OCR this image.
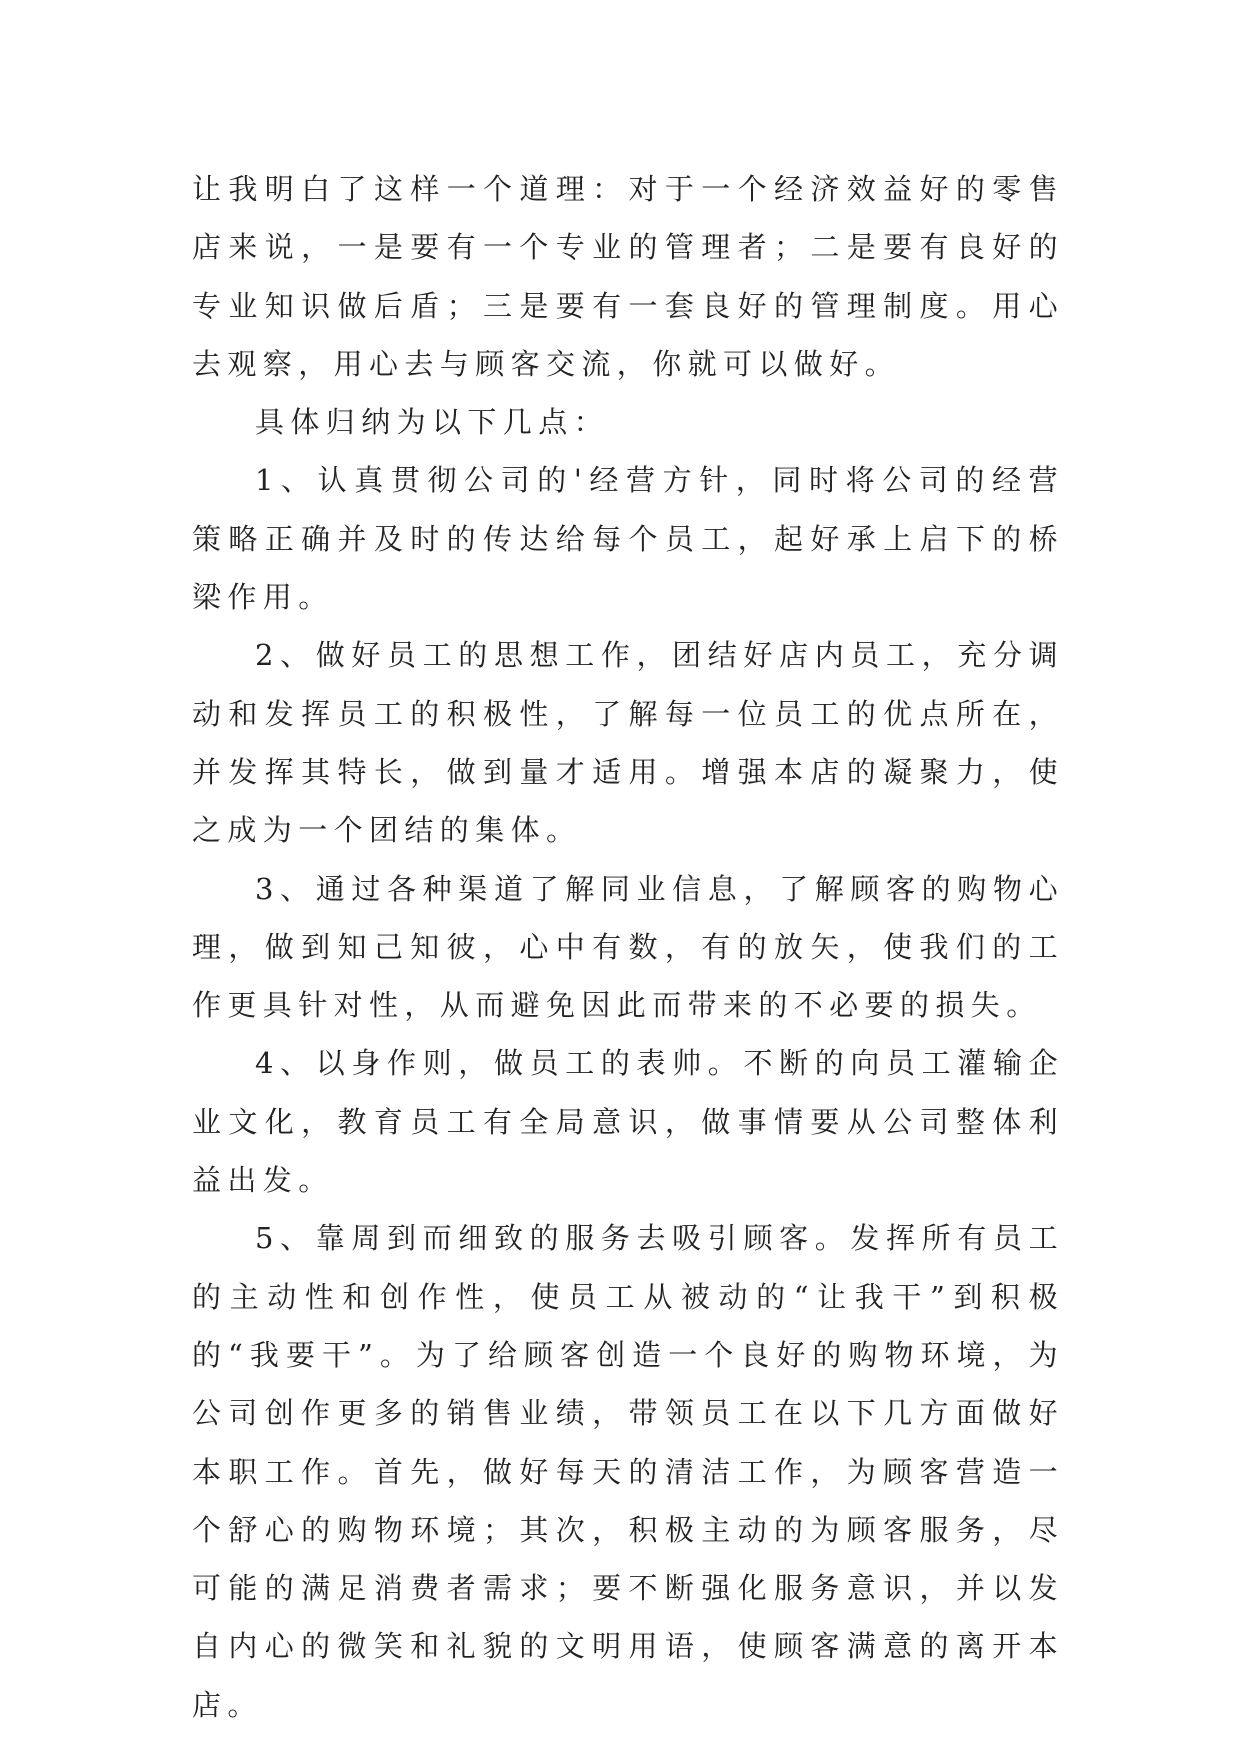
让我明白了这样一个道理：对于一个经济效益好的零售店来说，一是要有一个专业的管理者；二是要有良好的专业知识做后盾；三是要有一套良好的管理制度。用心去观察，用心去与顾客交流，你就可以做好。

具体归纳为以下几点：

1、认真贯彻公司的'经营方针，同时将公司的经营策略正确并及时的传达给每个员工，起好承上启下的桥梁作用。

2、做好员工的思想工作，团结好店内员工，充分调动和发挥员工的积极性，了解每一位员工的优点所在，并发挥其特长，做到量才适用。增强本店的凝聚力，使之成为一个团结的集体。

3、通过各种渠道了解同业信息，了解顾客的购物心理，做到知己知彼，心中有数，有的放矢，使我们的工作更具针对性，从而避免因此而带来的不必要的损失。

4、以身作则，做员工的表帅。不断的向员工灌输企业文化，教育员工有全局意识，做事情要从公司整体利益出发。

5、靠周到而细致的服务去吸引顾客。发挥所有员工的主动性和创作性，使员工从被动的“让我干”到积极的“我要干”。为了给顾客创造一个良好的购物环境，为公司创作更多的销售业绩，带领员工在以下几方面做好本职工作。首先，做好每天的清洁工作，为顾客营造一个舒心的购物环境；其次，积极主动的为顾客服务，尽可能的满足消费者需求；要不断强化服务意识，并以发自内心的微笑和礼貌的文明用语，使顾客满意的离开本店。
